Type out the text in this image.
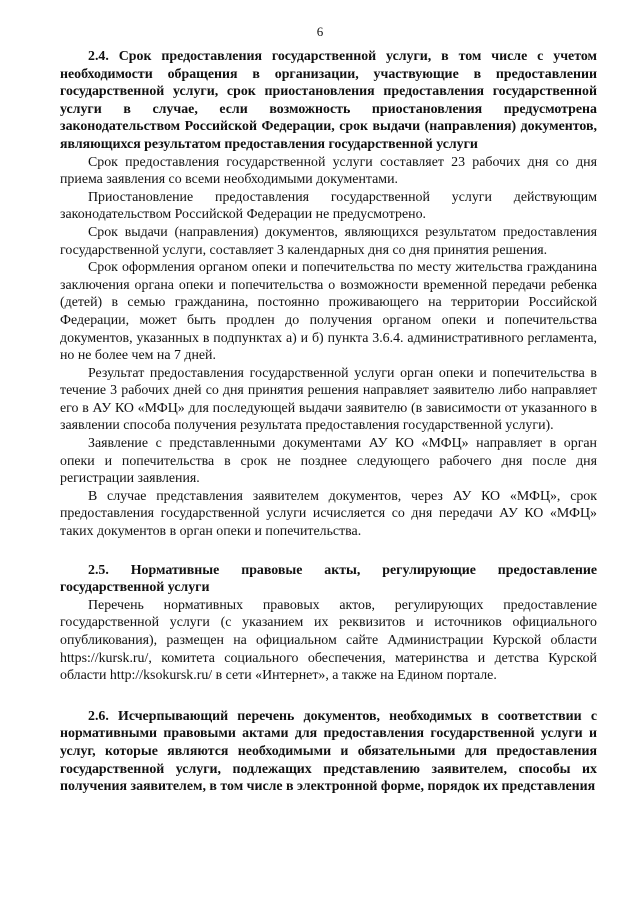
6

2.4. Срок предоставления государственной услуги, в том числе с учетом необходимости обращения в организации, участвующие в предоставлении государственной услуги, срок приостановления предоставления государственной услуги в случае, если возможность приостановления предусмотрена законодательством Российской Федерации, срок выдачи (направления) документов, являющихся результатом предоставления государственной услуги

Срок предоставления государственной услуги составляет 23 рабочих дня со дня приема заявления со всеми необходимыми документами.

Приостановление предоставления государственной услуги действующим законодательством Российской Федерации не предусмотрено.

Срок выдачи (направления) документов, являющихся результатом предоставления государственной услуги, составляет 3 календарных дня со дня принятия решения.

Срок оформления органом опеки и попечительства по месту жительства гражданина заключения органа опеки и попечительства о возможности временной передачи ребенка (детей) в семью гражданина, постоянно проживающего на территории Российской Федерации, может быть продлен до получения органом опеки и попечительства документов, указанных в подпунктах а) и б) пункта 3.6.4. административного регламента, но не более чем на 7 дней.

Результат предоставления государственной услуги орган опеки и попечительства в течение 3 рабочих дней со дня принятия решения направляет заявителю либо направляет его в АУ КО «МФЦ» для последующей выдачи заявителю (в зависимости от указанного в заявлении способа получения результата предоставления государственной услуги).

Заявление с представленными документами АУ КО «МФЦ» направляет в орган опеки и попечительства в срок не позднее следующего рабочего дня после дня регистрации заявления.

В случае представления заявителем документов, через АУ КО «МФЦ», срок предоставления государственной услуги исчисляется со дня передачи АУ КО «МФЦ» таких документов в орган опеки и попечительства.

2.5. Нормативные правовые акты, регулирующие предоставление государственной услуги

Перечень нормативных правовых актов, регулирующих предоставление государственной услуги (с указанием их реквизитов и источников официального опубликования), размещен на официальном сайте Администрации Курской области https://kursk.ru/, комитета социального обеспечения, материнства и детства Курской области http://ksokursk.ru/ в сети «Интернет», а также на Едином портале.

2.6. Исчерпывающий перечень документов, необходимых в соответствии с нормативными правовыми актами для предоставления государственной услуги и услуг, которые являются необходимыми и обязательными для предоставления государственной услуги, подлежащих представлению заявителем, способы их получения заявителем, в том числе в электронной форме, порядок их представления
